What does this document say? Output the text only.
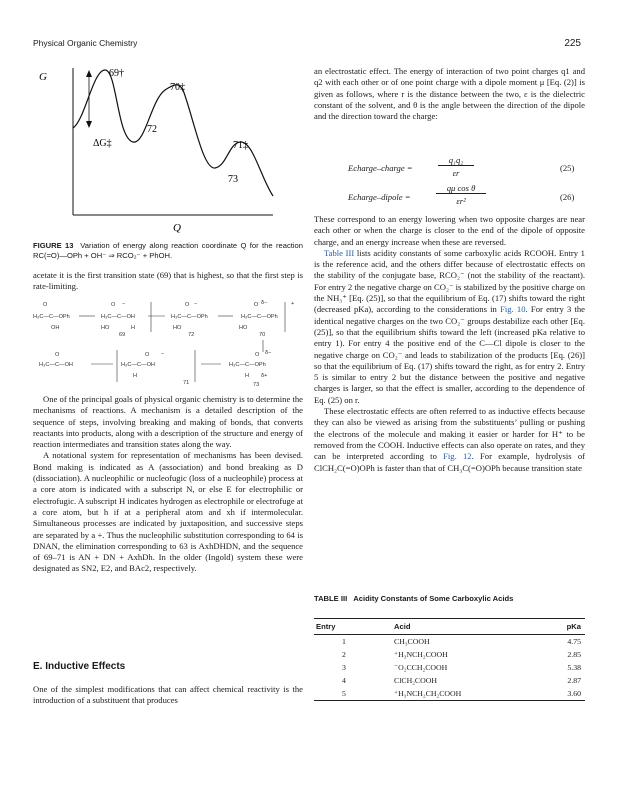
Physical Organic Chemistry	225
G
Q
69†
70‡
72
ΔG‡	71‡
73
FIGURE 13 Variation of energy along reaction coordinate Q for the reaction RC(=O)—OPh + OH⁻ ⇒ RCO₂⁻ + PhOH.

acetate it is the first transition state (69) that is highest, so that the first step is rate-limiting.

O	O	O	O
−	−	δ−	+
H₃C—C—OPh	H₃C—C—OH	H₃C—C—OPh	H₃C—C—OPh
HO	HO	HO
H
OH
69	72	70
O	O	O
−	δ−
H₃C—C—OH	H₃C—C—OH	H₃C—C—OPh
H	H δ+
71	73

One of the principal goals of physical organic chemistry is to determine the mechanisms of reactions. A mechanism is a detailed description of the sequence of steps, involving breaking and making of bonds, that converts reactants into products, along with a description of the structure and energy of reaction intermediates and transition states along the way.

A notational system for representation of mechanisms has been devised. Bond making is indicated as A (association) and bond breaking as D (dissociation). A nucleophilic or nucleofugic (loss of a nucleophile) process at a core atom is indicated with a subscript N, or else E for electrophilic or electrofugic. A subscript H indicates hydrogen as electrophile or electrofuge at a core atom, but h if at a peripheral atom and xh if intermolecular. Simultaneous processes are indicated by juxtaposition, and successive steps are separated by a +. Thus the nucleophilic substitution corresponding to 64 is DNAN, the elimination corresponding to 63 is AxhDHDN, and the sequence of 69–71 is AN + DN + AxhDh. In the older (Ingold) system these were designated as SN2, E2, and BAc2, respectively.

E. Inductive Effects

One of the simplest modifications that can affect chemical reactivity is the introduction of a substituent that produces

an electrostatic effect. The energy of interaction of two point charges q1 and q2 with each other or of one point charge with a dipole moment μ [Eq. (2)] is given as follows, where r is the distance between the two, ε is the dielectric constant of the solvent, and θ is the angle between the direction of the dipole and the direction toward the charge:

Echarge–charge =
q₁q₂
εr	(25)
Echarge–dipole =
qμ cos θ
εr²	(26)

These correspond to an energy lowering when two opposite charges are near each other or when the charge is closer to the end of the dipole of opposite charge, and an energy increase when these are reversed.

Table III lists acidity constants of some carboxylic acids RCOOH. Entry 1 is the reference acid, and the others differ because of electrostatic effects on the stability of the conjugate base, RCO₂⁻ (not the stability of the reactant). For entry 2 the negative charge on CO₂⁻ is stabilized by the positive charge on the NH₃⁺ [Eq. (25)], so that the equilibrium of Eq. (17) shifts toward the right (decreased pKa), according to the considerations in Fig. 10. For entry 3 the identical negative charges on the two CO₂⁻ groups destabilize each other [Eq. (25)], so that the equilibrium shifts toward the left (increased pKa relative to entry 1). For entry 4 the positive end of the C—Cl dipole is closer to the negative charge on CO₂⁻ and leads to stabilization of the products [Eq. (26)] so that the equilibrium of Eq. (17) shifts toward the right, as for entry 2. Entry 5 is similar to entry 2 but the distance between the positive and negative charges is larger, so that the effect is smaller, according to the dependence of Eq. (25) on r.

These electrostatic effects are often referred to as inductive effects because they can also be viewed as arising from the substituents’ pulling or pushing the electrons of the molecule and making it easier or harder for H⁺ to be removed from the COOH. Inductive effects can also operate on rates, and they can be interpreted according to Fig. 12. For example, hydrolysis of ClCH₂C(=O)OPh is faster than that of CH₃C(=O)OPh because transition state

TABLE III Acidity Constants of Some Carboxylic Acids
Entry	Acid	pKa
1	CH₃COOH	4.75
2	⁺H₃NCH₂COOH	2.85
3	⁻O₂CCH₂COOH	5.38
4	ClCH₂COOH	2.87
5	⁺H₃NCH₂CH₂COOH	3.60
